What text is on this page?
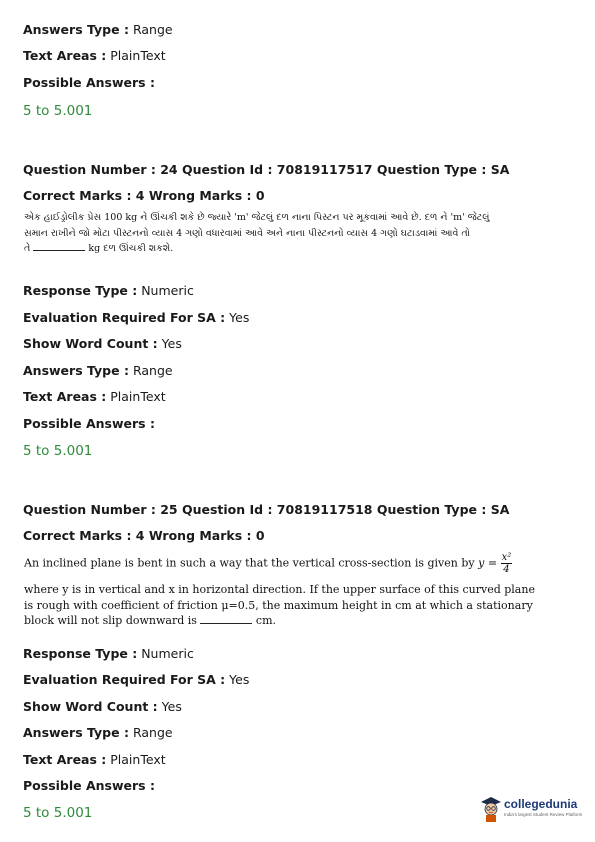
Answers Type : Range
Text Areas : PlainText
Possible Answers :
5 to 5.001
Question Number : 24 Question Id : 70819117517 Question Type : SA
Correct Marks : 4 Wrong Marks : 0
એક હાઈડ્રોલીક પ્રેસ 100 kg ને ઊંચકી શકે છે જ્યારે 'm' જેટલું દળ નાના પિસ્ટન પર મૂકવામાં આવે છે. દળ ને 'm' જેટલું
સમાન રાખીને જો મોટા પીસ્ટનનો વ્યાસ 4 ગણો વધારવામાં આવે અને નાના પીસ્ટનનો વ્યાસ 4 ગણો ઘટાડવામાં આવે તો
તે	kg દળ ઊંચકી શકશે.
Response Type : Numeric
Evaluation Required For SA : Yes
Show Word Count : Yes
Answers Type : Range
Text Areas : PlainText
Possible Answers :
5 to 5.001
Question Number : 25 Question Id : 70819117518 Question Type : SA
Correct Marks : 4 Wrong Marks : 0
An inclined plane is bent in such a way that the vertical cross-section is given by $y = \frac{\text{x²}}{4}$
where y is in vertical and x in horizontal direction. If the upper surface of this curved plane
is rough with coefficient of friction μ=0.5, the maximum height in cm at which a stationary
block will not slip downward is	cm.
Response Type : Numeric
Evaluation Required For SA : Yes
Show Word Count : Yes
Answers Type : Range
Text Areas : PlainText
Possible Answers :
5 to 5.001
collegedunia
India's largest Student Review Platform
